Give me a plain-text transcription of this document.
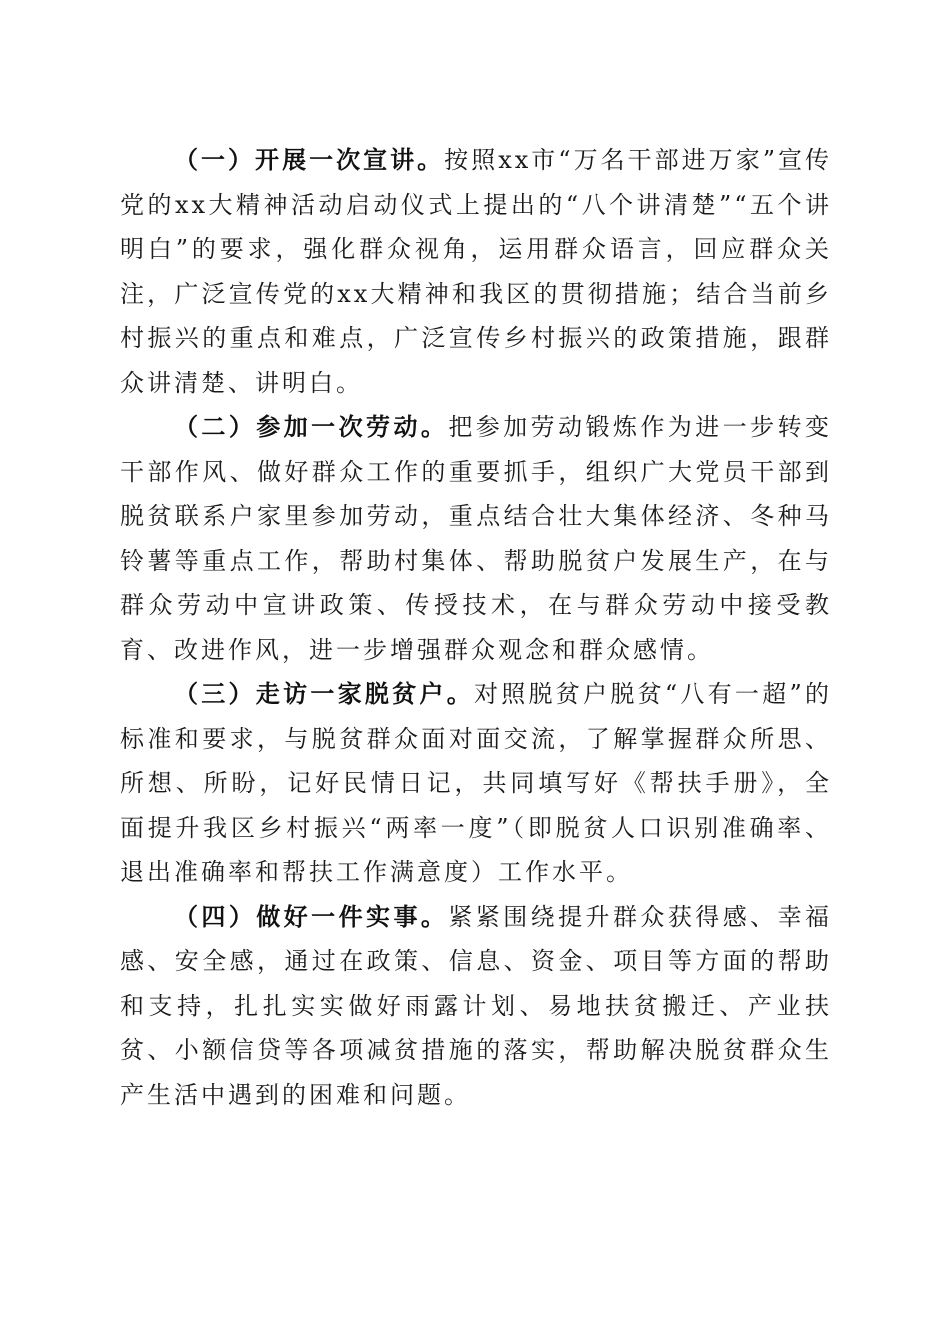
（一）开展一次宣讲。按照xx市“万名干部进万家”宣传党的xx大精神活动启动仪式上提出的“八个讲清楚”“五个讲明白”的要求，强化群众视角，运用群众语言，回应群众关注，广泛宣传党的xx大精神和我区的贯彻措施；结合当前乡村振兴的重点和难点，广泛宣传乡村振兴的政策措施，跟群众讲清楚、讲明白。

（二）参加一次劳动。把参加劳动锻炼作为进一步转变干部作风、做好群众工作的重要抓手，组织广大党员干部到脱贫联系户家里参加劳动，重点结合壮大集体经济、冬种马铃薯等重点工作，帮助村集体、帮助脱贫户发展生产，在与群众劳动中宣讲政策、传授技术，在与群众劳动中接受教育、改进作风，进一步增强群众观念和群众感情。

（三）走访一家脱贫户。对照脱贫户脱贫“八有一超”的标准和要求，与脱贫群众面对面交流，了解掌握群众所思、所想、所盼，记好民情日记，共同填写好《帮扶手册》，全面提升我区乡村振兴“两率一度”（即脱贫人口识别准确率、退出准确率和帮扶工作满意度）工作水平。

（四）做好一件实事。紧紧围绕提升群众获得感、幸福感、安全感，通过在政策、信息、资金、项目等方面的帮助和支持，扎扎实实做好雨露计划、易地扶贫搬迁、产业扶贫、小额信贷等各项减贫措施的落实，帮助解决脱贫群众生产生活中遇到的困难和问题。
